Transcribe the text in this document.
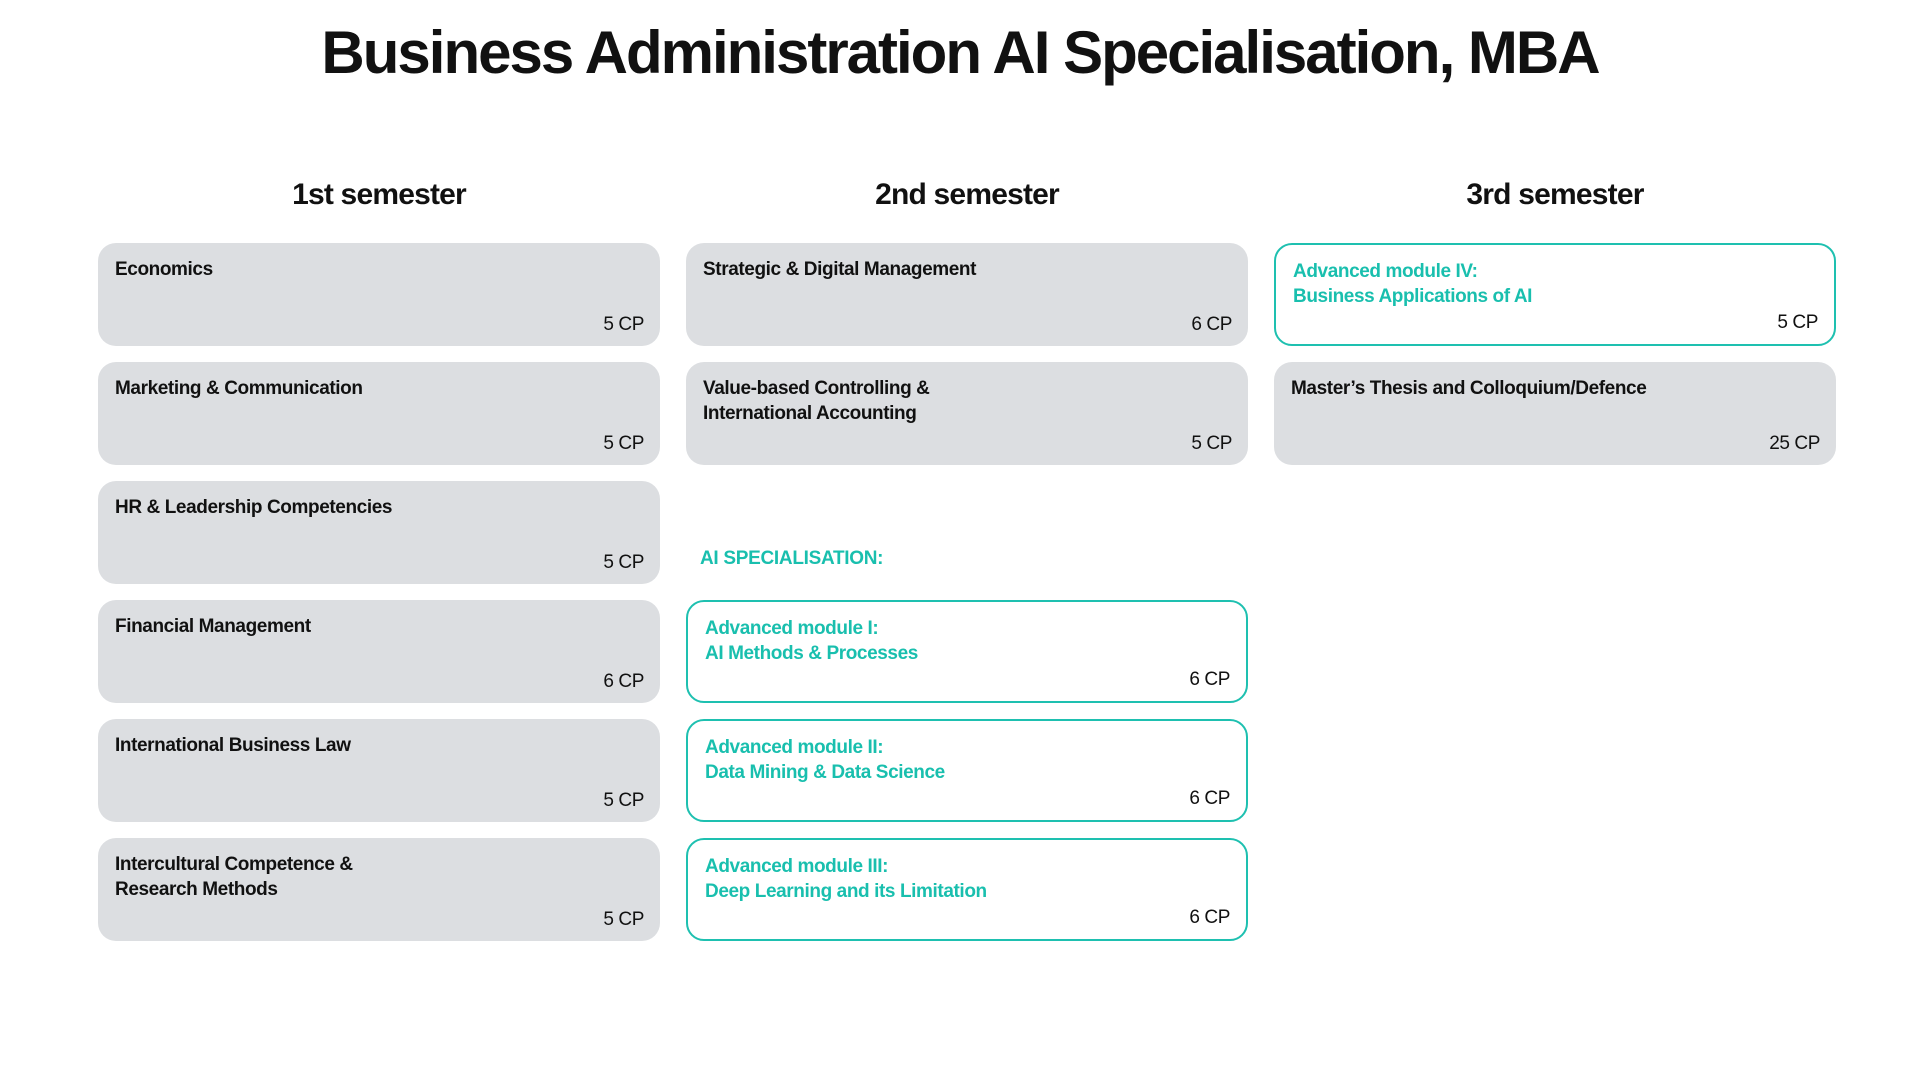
Business Administration AI Specialisation, MBA
1st semester	2nd semester	3rd semester
Economics
5 CP
Marketing & Communication
5 CP
HR & Leadership Competencies
5 CP
Financial Management
6 CP
International Business Law
5 CP
Intercultural Competence &
Research Methods
5 CP
Strategic & Digital Management
6 CP
Value-based Controlling &
International Accounting
5 CP
AI SPECIALISATION:
Advanced module I:
AI Methods & Processes
6 CP
Advanced module II:
Data Mining & Data Science
6 CP
Advanced module III:
Deep Learning and its Limitation
6 CP
Advanced module IV:
Business Applications of AI
5 CP
Master’s Thesis and Colloquium/Defence
25 CP
